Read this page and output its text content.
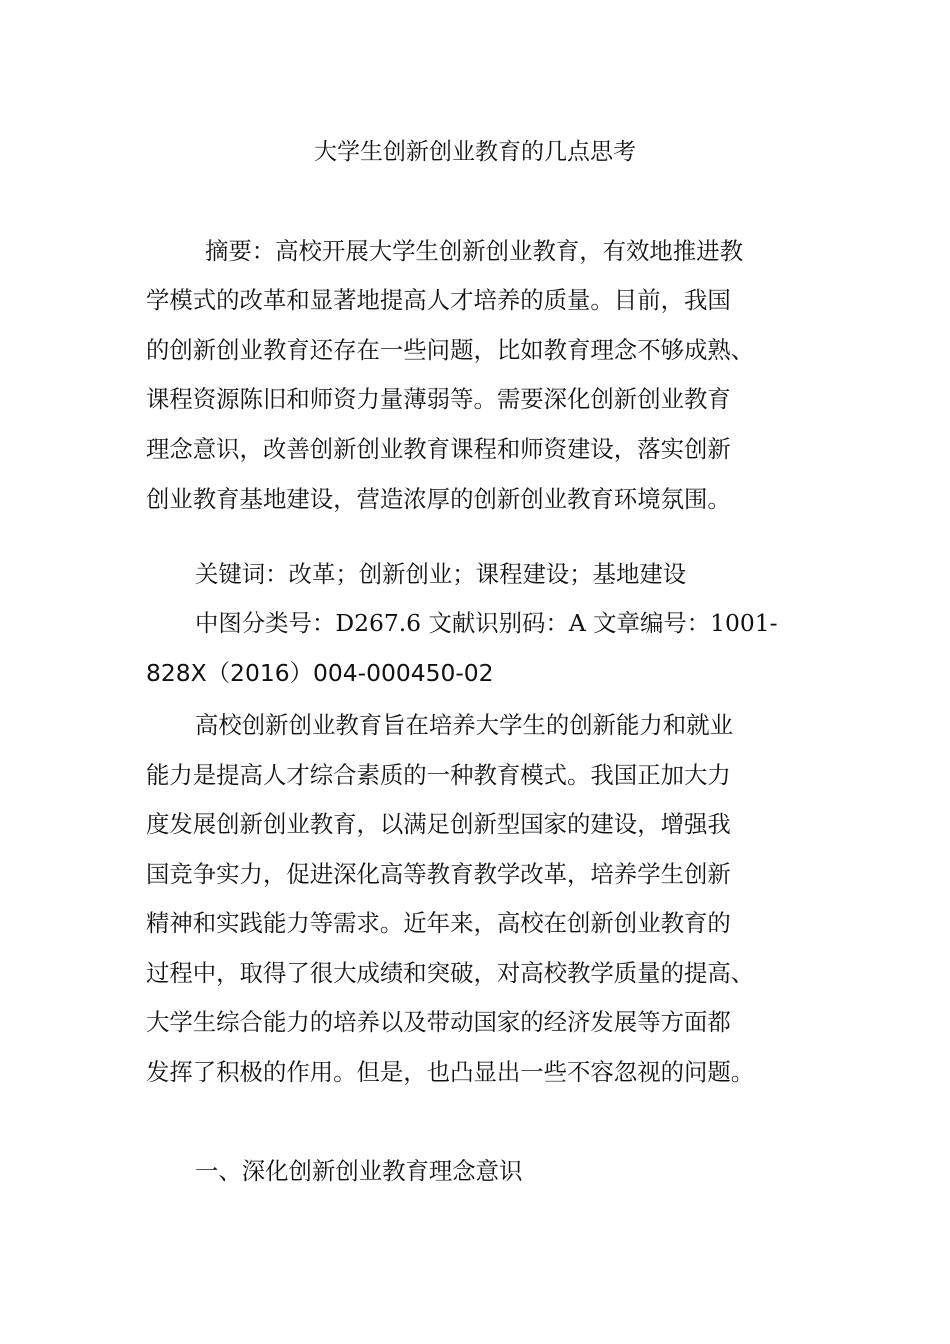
大学生创新创业教育的几点思考
摘要：高校开展大学生创新创业教育，有效地推进教
学模式的改革和显著地提高人才培养的质量。目前，我国
的创新创业教育还存在一些问题，比如教育理念不够成熟、
课程资源陈旧和师资力量薄弱等。需要深化创新创业教育
理念意识，改善创新创业教育课程和师资建设，落实创新
创业教育基地建设，营造浓厚的创新创业教育环境氛围。
关键词：改革；创新创业；课程建设；基地建设
中图分类号：D267.6 文献识别码：A 文章编号：1001-
828X（2016）004-000450-02
高校创新创业教育旨在培养大学生的创新能力和就业
能力是提高人才综合素质的一种教育模式。我国正加大力
度发展创新创业教育，以满足创新型国家的建设，增强我
国竞争实力，促进深化高等教育教学改革，培养学生创新
精神和实践能力等需求。近年来，高校在创新创业教育的
过程中，取得了很大成绩和突破，对高校教学质量的提高、
大学生综合能力的培养以及带动国家的经济发展等方面都
发挥了积极的作用。但是，也凸显出一些不容忽视的问题。
一、深化创新创业教育理念意识
